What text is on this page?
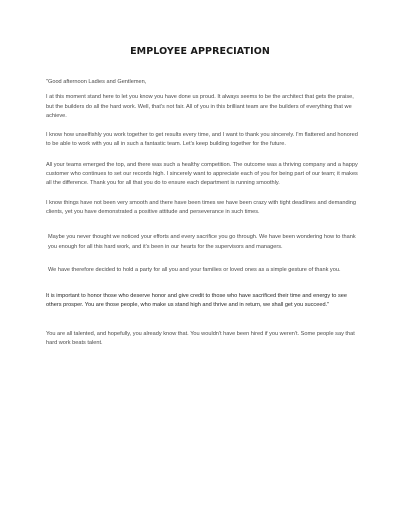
EMPLOYEE APPRECIATION

"Good afternoon Ladies and Gentlemen,

I at this moment stand here to let you know you have done us proud. It always seems to be the architect that gets the praise, but the builders do all the hard work. Well, that's not fair. All of you in this brilliant team are the builders of everything that we achieve.

I know how unselfishly you work together to get results every time, and I want to thank you sincerely. I'm flattered and honored to be able to work with you all in such a fantastic team. Let's keep building together for the future.

All your teams emerged the top, and there was such a healthy competition. The outcome was a thriving company and a happy customer who continues to set our records high. I sincerely want to appreciate each of you for being part of our team; it makes all the difference. Thank you for all that you do to ensure each department is running smoothly.

I know things have not been very smooth and there have been times we have been crazy with tight deadlines and demanding clients, yet you have demonstrated a positive attitude and perseverance in such times.

Maybe you never thought we noticed your efforts and every sacrifice you go through. We have been wondering how to thank you enough for all this hard work, and it's been in our hearts for the supervisors and managers.

We have therefore decided to hold a party for all you and your families or loved ones as a simple gesture of thank you.

It is important to honor those who deserve honor and give credit to those who have sacrificed their time and energy to see others prosper. You are those people, who make us stand high and thrive and in return, we shall get you succeed."

You are all talented, and hopefully, you already know that. You wouldn't have been hired if you weren't. Some people say that hard work beats talent.
